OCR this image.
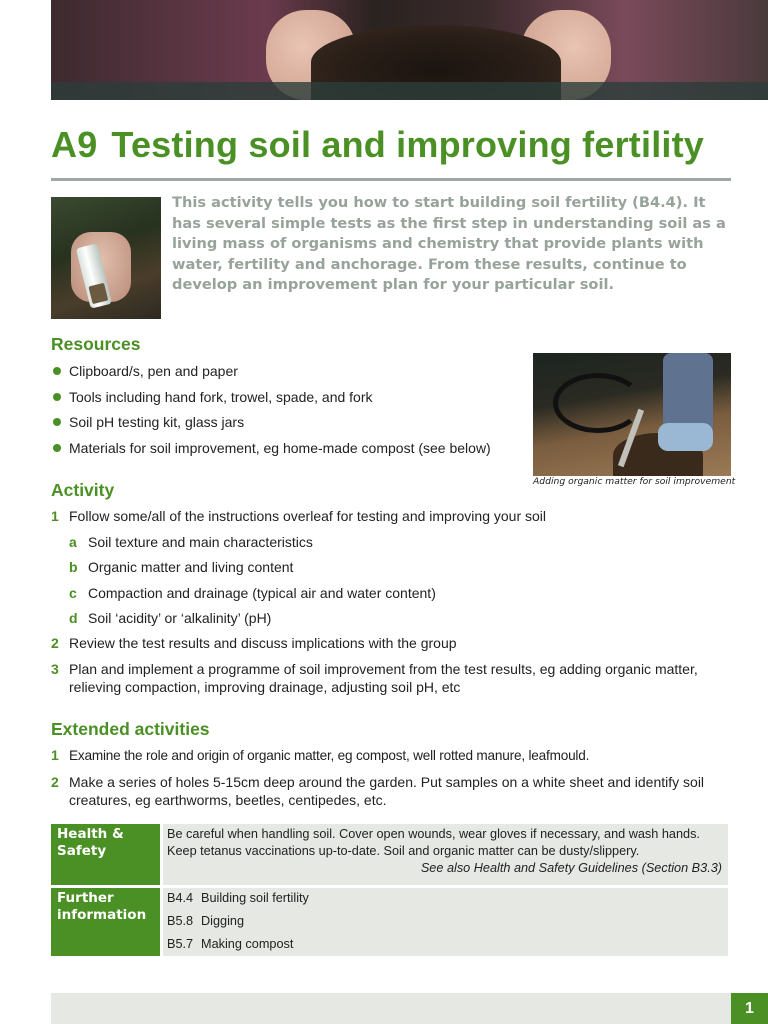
A9 Testing soil and improving fertility

This activity tells you how to start building soil fertility (B4.4). It has several simple tests as the first step in understanding soil as a living mass of organisms and chemistry that provide plants with water, fertility and anchorage. From these results, continue to develop an improvement plan for your particular soil.

Resources
Clipboard/s, pen and paper
Tools including hand fork, trowel, spade, and fork
Soil pH testing kit, glass jars
Materials for soil improvement, eg home-made compost (see below)
Adding organic matter for soil improvement
Activity
1 Follow some/all of the instructions overleaf for testing and improving your soil
a Soil texture and main characteristics
b Organic matter and living content
c Compaction and drainage (typical air and water content)
d Soil ‘acidity’ or ‘alkalinity’ (pH)
2 Review the test results and discuss implications with the group
3 Plan and implement a programme of soil improvement from the test results, eg adding organic matter,
relieving compaction, improving drainage, adjusting soil pH, etc
Extended activities
1 Examine the role and origin of organic matter, eg compost, well rotted manure, leafmould.
2 Make a series of holes 5-15cm deep around the garden. Put samples on a white sheet and identify soil
creatures, eg earthworms, beetles, centipedes, etc.
Health &
Safety
Be careful when handling soil. Cover open wounds, wear gloves if necessary, and wash hands.
Keep tetanus vaccinations up-to-date. Soil and organic matter can be dusty/slippery.
See also Health and Safety Guidelines (Section B3.3)
Further
information
B4.4 Building soil fertility
B5.8 Digging
B5.7 Making compost
1
